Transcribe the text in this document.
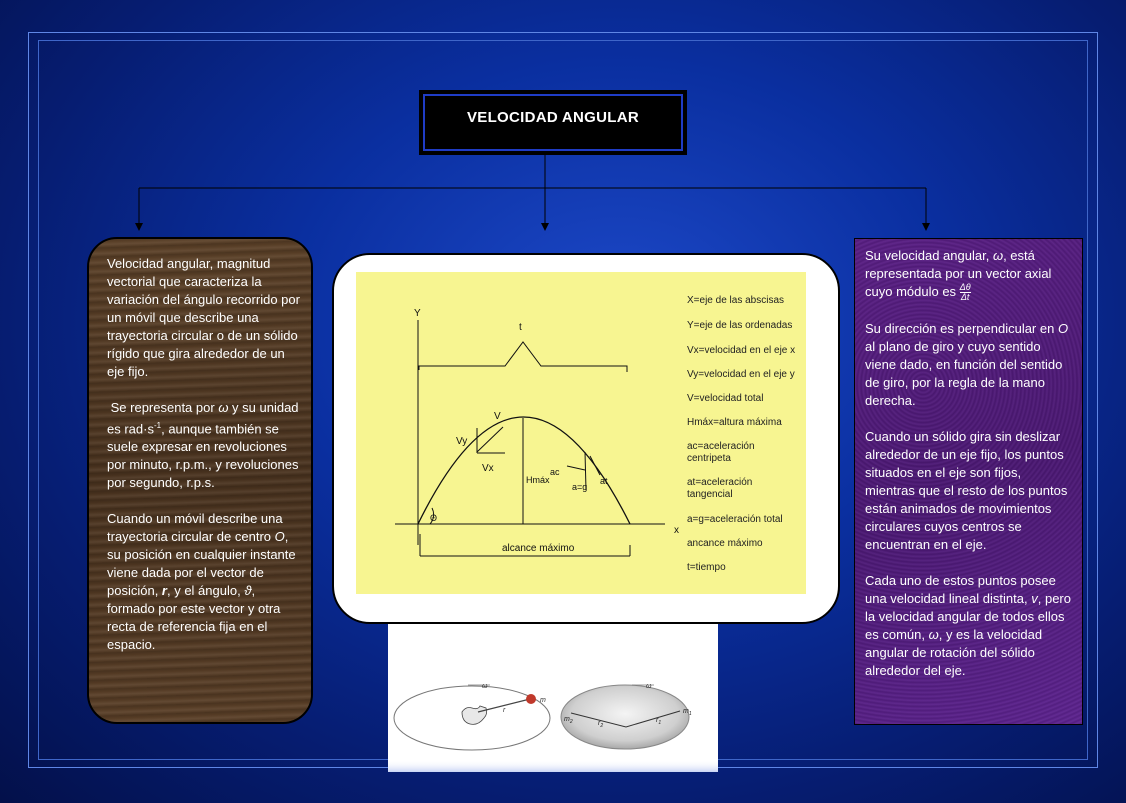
VELOCIDAD ANGULAR

Velocidad angular, magnitud vectorial que caracteriza la variación del ángulo recorrido por un móvil que describe una trayectoria circular o de un sólido rígido que gira alrededor de un eje fijo.

Se representa por ω y su unidad es $rad\cdot s^{-1}$, aunque también se suele expresar en revoluciones por minuto, r.p.m., y revoluciones por segundo, r.p.s.

Cuando un móvil describe una trayectoria circular de centro O, su posición en cualquier instante viene dada por el vector de posición, r, y el ángulo, ϑ, formado por este vector y otra recta de referencia fija en el espacio.

Y
x
t
V
Vy
Vx
Hmáx
ac
a=g
at
Θ
alcance máximo
X=eje de las abscisas
Y=eje de las ordenadas
Vx=velocidad en el eje x
Vy=velocidad en el eje y
V=velocidad total
Hmáx=altura máxima
ac=aceleración
centripeta
at=aceleración
tangencial
a=g=aceleración total
ancance máximo
t=tiempo
ω
r
m
ω
$m_2$
$m_1$
$r_2$
$r_1$

Su velocidad angular, ω, está representada por un vector axial cuyo módulo es $\frac{\Delta\theta}{\Delta t}$

Su dirección es perpendicular en O al plano de giro y cuyo sentido viene dado, en función del sentido de giro, por la regla de la mano derecha.

Cuando un sólido gira sin deslizar alrededor de un eje fijo, los puntos situados en el eje son fijos, mientras que el resto de los puntos están animados de movimientos circulares cuyos centros se encuentran en el eje.

Cada uno de estos puntos posee una velocidad lineal distinta, v, pero la velocidad angular de todos ellos es común, ω, y es la velocidad angular de rotación del sólido alrededor del eje.
